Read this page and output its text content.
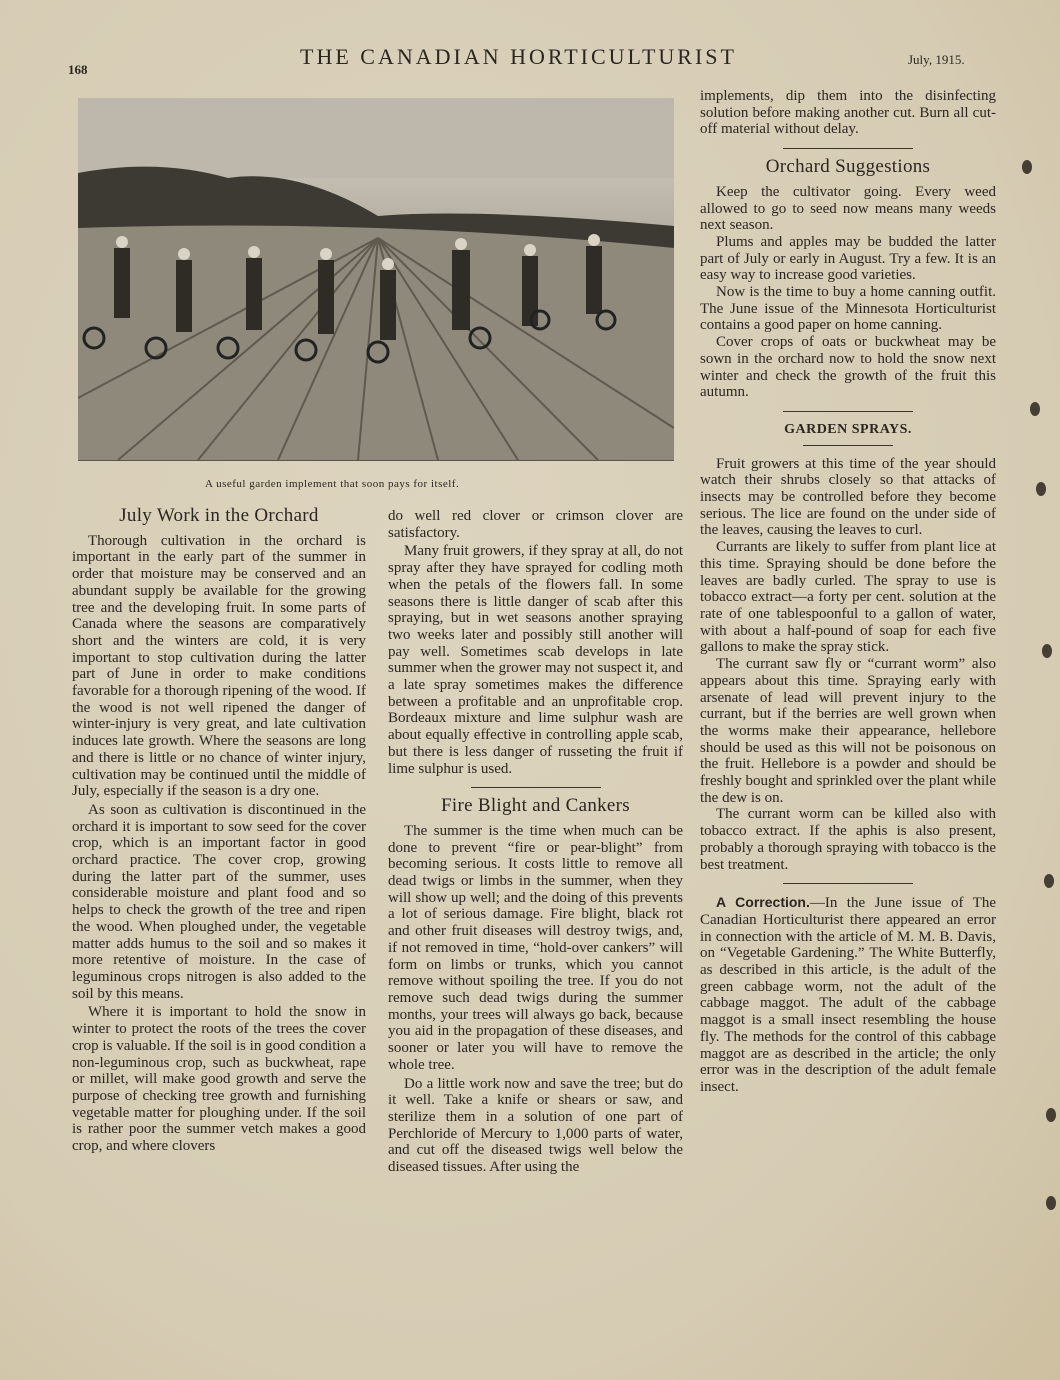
168
THE CANADIAN HORTICULTURIST	July, 1915.
A useful garden implement that soon pays for itself.
July Work in the Orchard

Thorough cultivation in the orchard is important in the early part of the summer in order that moisture may be conserved and an abundant supply be available for the growing tree and the developing fruit. In some parts of Canada where the seasons are comparatively short and the winters are cold, it is very important to stop cultivation during the latter part of June in order to make conditions favorable for a thorough ripening of the wood. If the wood is not well ripened the danger of winter-injury is very great, and late cultivation induces late growth. Where the seasons are long and there is little or no chance of winter injury, cultivation may be continued until the middle of July, especially if the season is a dry one.

As soon as cultivation is discontinued in the orchard it is important to sow seed for the cover crop, which is an important factor in good orchard practice. The cover crop, growing during the latter part of the summer, uses considerable moisture and plant food and so helps to check the growth of the tree and ripen the wood. When ploughed under, the vegetable matter adds humus to the soil and so makes it more retentive of moisture. In the case of leguminous crops nitrogen is also added to the soil by this means.

Where it is important to hold the snow in winter to protect the roots of the trees the cover crop is valuable. If the soil is in good condition a non-leguminous crop, such as buckwheat, rape or millet, will make good growth and serve the purpose of checking tree growth and furnishing vegetable matter for ploughing under. If the soil is rather poor the summer vetch makes a good crop, and where clovers

do well red clover or crimson clover are satisfactory.

Many fruit growers, if they spray at all, do not spray after they have sprayed for codling moth when the petals of the flowers fall. In some seasons there is little danger of scab after this spraying, but in wet seasons another spraying two weeks later and possibly still another will pay well. Sometimes scab develops in late summer when the grower may not suspect it, and a late spray sometimes makes the difference between a profitable and an unprofitable crop. Bordeaux mixture and lime sulphur wash are about equally effective in controlling apple scab, but there is less danger of russeting the fruit if lime sulphur is used.

Fire Blight and Cankers

The summer is the time when much can be done to prevent “fire or pear-blight” from becoming serious. It costs little to remove all dead twigs or limbs in the summer, when they will show up well; and the doing of this prevents a lot of serious damage. Fire blight, black rot and other fruit diseases will destroy twigs, and, if not removed in time, “hold-over cankers” will form on limbs or trunks, which you cannot remove without spoiling the tree. If you do not remove such dead twigs during the summer months, your trees will always go back, because you aid in the propagation of these diseases, and sooner or later you will have to remove the whole tree.

Do a little work now and save the tree; but do it well. Take a knife or shears or saw, and sterilize them in a solution of one part of Perchloride of Mercury to 1,000 parts of water, and cut off the diseased twigs well below the diseased tissues. After using the

implements, dip them into the disinfecting solution before making another cut. Burn all cut-off material without delay.

Orchard Suggestions

Keep the cultivator going. Every weed allowed to go to seed now means many weeds next season.

Plums and apples may be budded the latter part of July or early in August. Try a few. It is an easy way to increase good varieties.

Now is the time to buy a home canning outfit. The June issue of the Minnesota Horticulturist contains a good paper on home canning.

Cover crops of oats or buckwheat may be sown in the orchard now to hold the snow next winter and check the growth of the fruit this autumn.

GARDEN SPRAYS.

Fruit growers at this time of the year should watch their shrubs closely so that attacks of insects may be controlled before they become serious. The lice are found on the under side of the leaves, causing the leaves to curl.

Currants are likely to suffer from plant lice at this time. Spraying should be done before the leaves are badly curled. The spray to use is tobacco extract—a forty per cent. solution at the rate of one tablespoonful to a gallon of water, with about a half-pound of soap for each five gallons to make the spray stick.

The currant saw fly or “currant worm” also appears about this time. Spraying early with arsenate of lead will prevent injury to the currant, but if the berries are well grown when the worms make their appearance, hellebore should be used as this will not be poisonous on the fruit. Hellebore is a powder and should be freshly bought and sprinkled over the plant while the dew is on.

The currant worm can be killed also with tobacco extract. If the aphis is also present, probably a thorough spraying with tobacco is the best treatment.

A Correction.—In the June issue of The Canadian Horticulturist there appeared an error in connection with the article of M. M. B. Davis, on “Vegetable Gardening.” The White Butterfly, as described in this article, is the adult of the green cabbage worm, not the adult of the cabbage maggot. The adult of the cabbage maggot is a small insect resembling the house fly. The methods for the control of this cabbage maggot are as described in the article; the only error was in the description of the adult female insect.
